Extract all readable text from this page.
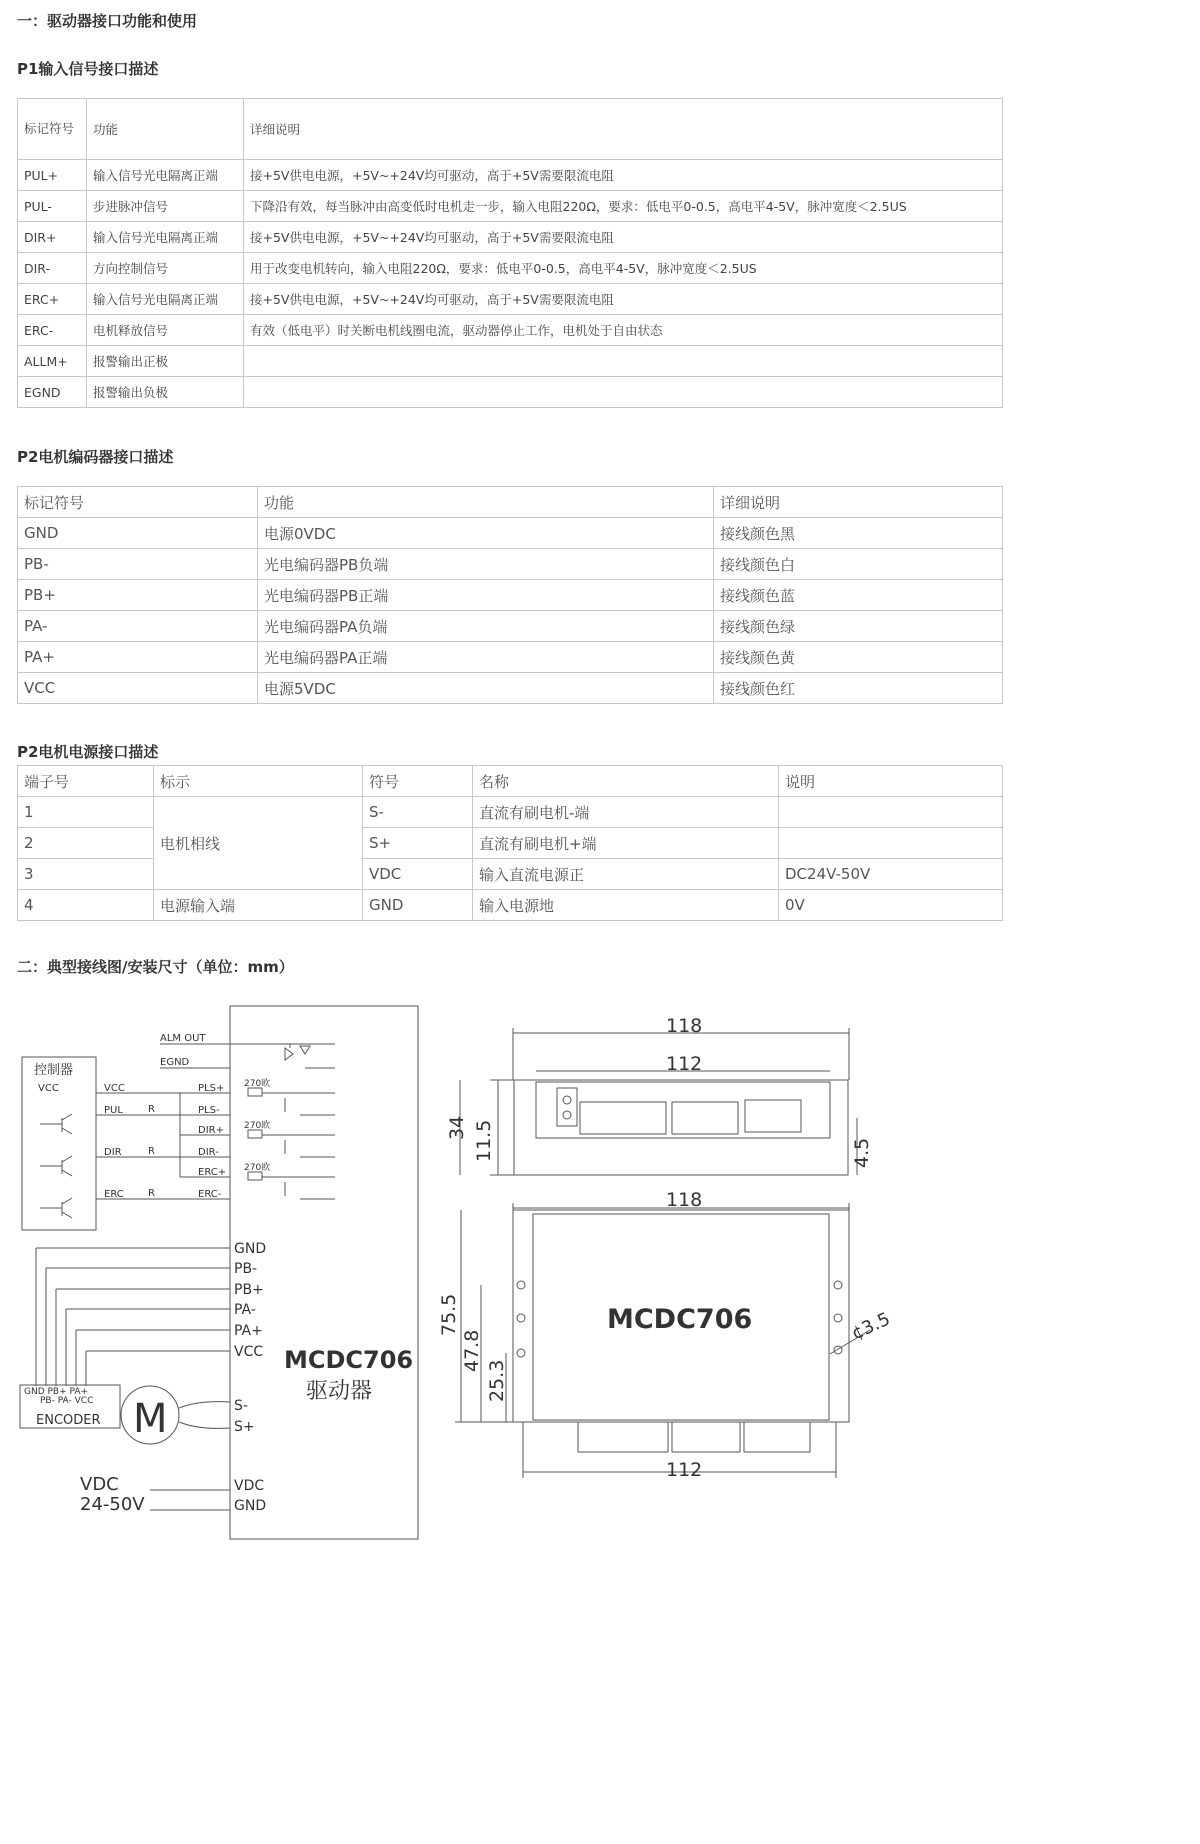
一：驱动器接口功能和使用
P1输入信号接口描述
标记符号	功能	详细说明
PUL+	输入信号光电隔离正端	接+5V供电电源，+5V~+24V均可驱动，高于+5V需要限流电阻
PUL-	步进脉冲信号	下降沿有效，每当脉冲由高变低时电机走一步，输入电阻220Ω，要求：低电平0-0.5，高电平4-5V，脉冲宽度＜2.5US
DIR+	输入信号光电隔离正端	接+5V供电电源，+5V~+24V均可驱动，高于+5V需要限流电阻
DIR-	方向控制信号	用于改变电机转向，输入电阻220Ω，要求：低电平0-0.5，高电平4-5V，脉冲宽度＜2.5US
ERC+	输入信号光电隔离正端	接+5V供电电源，+5V~+24V均可驱动，高于+5V需要限流电阻
ERC-	电机释放信号	有效（低电平）时关断电机线圈电流，驱动器停止工作，电机处于自由状态
ALLM+	报警输出正极	
EGND	报警输出负极	
P2电机编码器接口描述
标记符号	功能	详细说明
GND	电源0VDC	接线颜色黑
PB-	光电编码器PB负端	接线颜色白
PB+	光电编码器PB正端	接线颜色蓝
PA-	光电编码器PA负端	接线颜色绿
PA+	光电编码器PA正端	接线颜色黄
VCC	电源5VDC	接线颜色红
P2电机电源接口描述
端子号	标示	符号	名称	说明
1	电机相线	S-	直流有刷电机-端	
2		S+	直流有刷电机+端	
3		VDC	输入直流电源正	DC24V-50V
4	电源输入端	GND	输入电源地	0V
二：典型接线图/安装尺寸（单位：mm）
控制器
VCC	VCC
PUL
DIR
ERC
R
R
R
ALM OUT
EGND
PLS+
PLS-
DIR+
DIR-
ERC+
ERC-
270欧
270欧
270欧
GND
PB-
PB+
PA-
PA+
VCC
S-
S+
VDC
GND
GND PB+ PA+
PB- PA- VCC
ENCODER M
MCDC706
驱动器
VDC
24-50V
118
112
34 11.5	4.5
118
75.5
47.8
25.3
¢3.5
112
MCDC706
